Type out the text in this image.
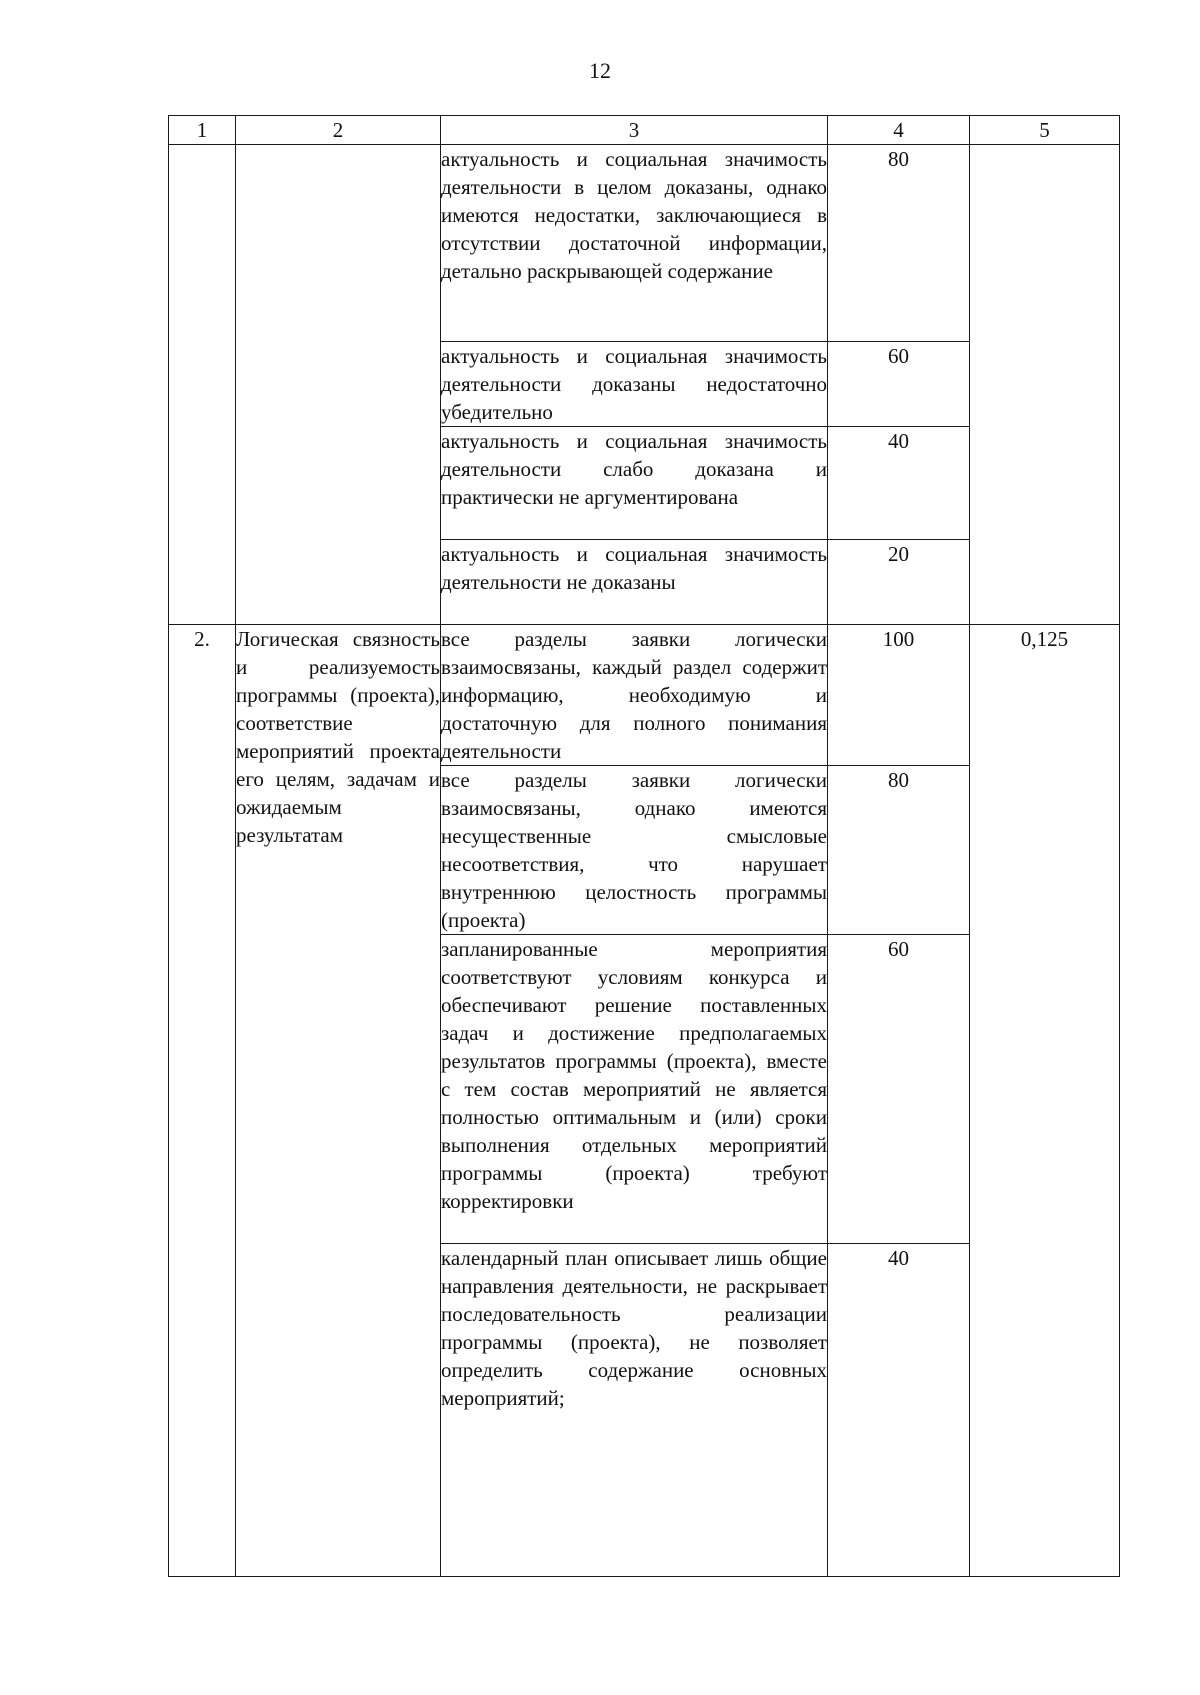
12
1	2	3	4	5
		актуальность и социальная значимость деятельности в целом доказаны, однако имеются недостатки, заключающиеся в отсутствии достаточной информации, детально раскрывающей содержание	80	
		актуальность и социальная значимость деятельности доказаны недостаточно убедительно	60	
		актуальность и социальная значимость деятельности слабо доказана и практически не аргументирована	40	
		актуальность и социальная значимость деятельности не доказаны	20	
2.	Логическая связность и реализуемость программы (проекта), соответствие мероприятий проекта его целям, задачам и ожидаемым результатам	все разделы заявки логически взаимосвязаны, каждый раздел содержит информацию, необходимую и достаточную для полного понимания деятельности	100	0,125
		все разделы заявки логически взаимосвязаны, однако имеются несущественные смысловые несоответствия, что нарушает внутреннюю целостность программы (проекта)	80	
		запланированные мероприятия соответствуют условиям конкурса и обеспечивают решение поставленных задач и достижение предполагаемых результатов программы (проекта), вместе с тем состав мероприятий не является полностью оптимальным и (или) сроки выполнения отдельных мероприятий программы (проекта) требуют корректировки	60	
		календарный план описывает лишь общие направления деятельности, не раскрывает последовательность реализации программы (проекта), не позволяет определить содержание основных мероприятий;	40	
